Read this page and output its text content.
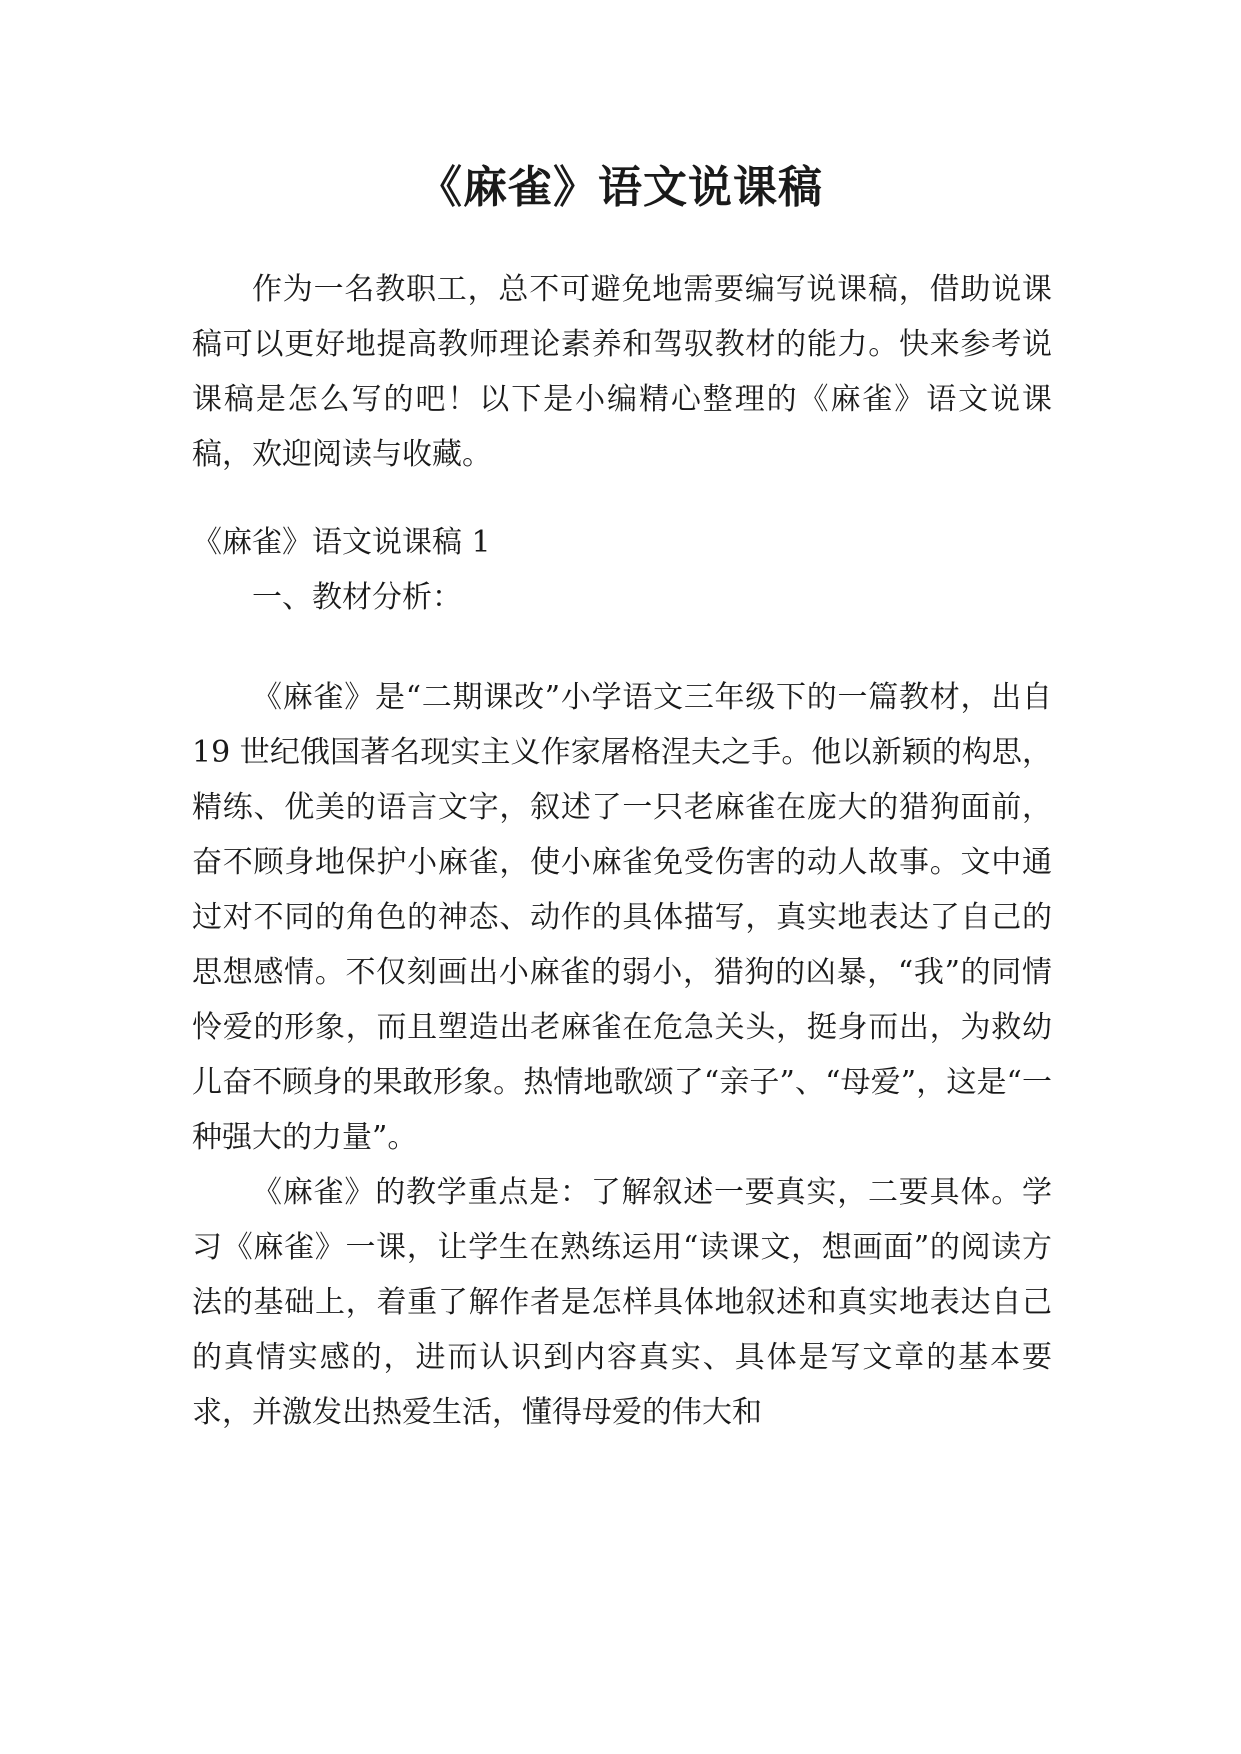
《麻雀》语文说课稿

作为一名教职工，总不可避免地需要编写说课稿，借助说课稿可以更好地提高教师理论素养和驾驭教材的能力。快来参考说课稿是怎么写的吧！以下是小编精心整理的《麻雀》语文说课稿，欢迎阅读与收藏。

《麻雀》语文说课稿 1

一、教材分析：

《麻雀》是“二期课改”小学语文三年级下的一篇教材，出自 19 世纪俄国著名现实主义作家屠格涅夫之手。他以新颖的构思，精练、优美的语言文字，叙述了一只老麻雀在庞大的猎狗面前，奋不顾身地保护小麻雀，使小麻雀免受伤害的动人故事。文中通过对不同的角色的神态、动作的具体描写，真实地表达了自己的思想感情。不仅刻画出小麻雀的弱小，猎狗的凶暴，“我”的同情怜爱的形象，而且塑造出老麻雀在危急关头，挺身而出，为救幼儿奋不顾身的果敢形象。热情地歌颂了“亲子”、“母爱”，这是“一种强大的力量”。

《麻雀》的教学重点是：了解叙述一要真实，二要具体。学习《麻雀》一课，让学生在熟练运用“读课文，想画面”的阅读方法的基础上，着重了解作者是怎样具体地叙述和真实地表达自己的真情实感的，进而认识到内容真实、具体是写文章的基本要求，并激发出热爱生活，懂得母爱的伟大和
